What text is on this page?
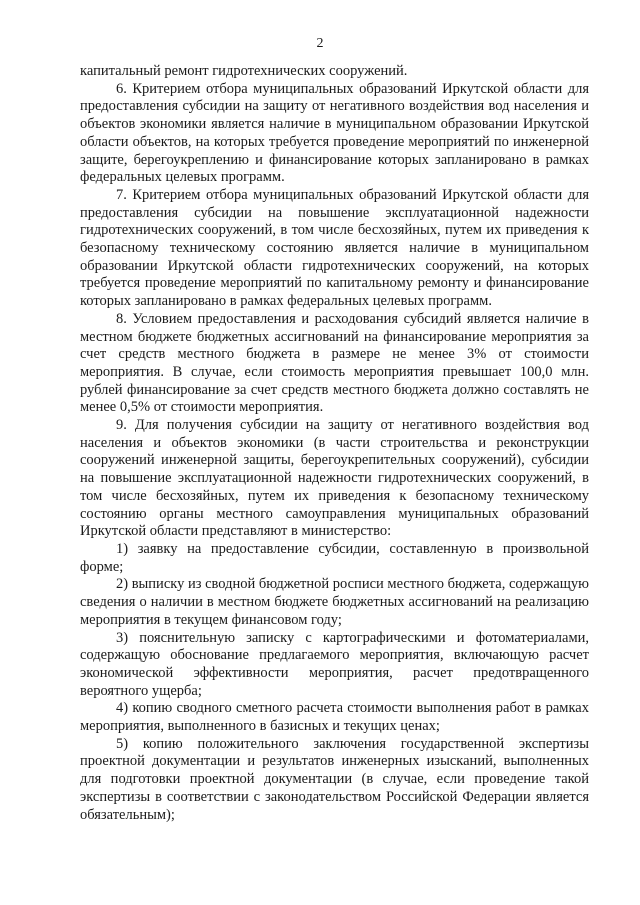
2

капитальный ремонт гидротехнических сооружений.

6. Критерием отбора муниципальных образований Иркутской области для предоставления субсидии на защиту от негативного воздействия вод населения и объектов экономики является наличие в муниципальном образовании Иркутской области объектов, на которых требуется проведение мероприятий по инженерной защите, берегоукреплению и финансирование которых запланировано в рамках федеральных целевых программ.

7. Критерием отбора муниципальных образований Иркутской области для предоставления субсидии на повышение эксплуатационной надежности гидротехнических сооружений, в том числе бесхозяйных, путем их приведения к безопасному техническому состоянию является наличие в муниципальном образовании Иркутской области гидротехнических сооружений, на которых требуется проведение мероприятий по капитальному ремонту и финансирование которых запланировано в рамках федеральных целевых программ.

8. Условием предоставления и расходования субсидий является наличие в местном бюджете бюджетных ассигнований на финансирование мероприятия за счет средств местного бюджета в размере не менее 3% от стоимости мероприятия. В случае, если стоимость мероприятия превышает 100,0 млн. рублей финансирование за счет средств местного бюджета должно составлять не менее 0,5% от стоимости мероприятия.

9. Для получения субсидии на защиту от негативного воздействия вод населения и объектов экономики (в части строительства и реконструкции сооружений инженерной защиты, берегоукрепительных сооружений), субсидии на повышение эксплуатационной надежности гидротехнических сооружений, в том числе бесхозяйных, путем их приведения к безопасному техническому состоянию органы местного самоуправления муниципальных образований Иркутской области представляют в министерство:

1) заявку на предоставление субсидии, составленную в произвольной форме;

2) выписку из сводной бюджетной росписи местного бюджета, содержащую сведения о наличии в местном бюджете бюджетных ассигнований на реализацию мероприятия в текущем финансовом году;

3) пояснительную записку с картографическими и фотоматериалами, содержащую обоснование предлагаемого мероприятия, включающую расчет экономической эффективности мероприятия, расчет предотвращенного вероятного ущерба;

4) копию сводного сметного расчета стоимости выполнения работ в рамках мероприятия, выполненного в базисных и текущих ценах;

5) копию положительного заключения государственной экспертизы проектной документации и результатов инженерных изысканий, выполненных для подготовки проектной документации (в случае, если проведение такой экспертизы в соответствии с законодательством Российской Федерации является обязательным);
